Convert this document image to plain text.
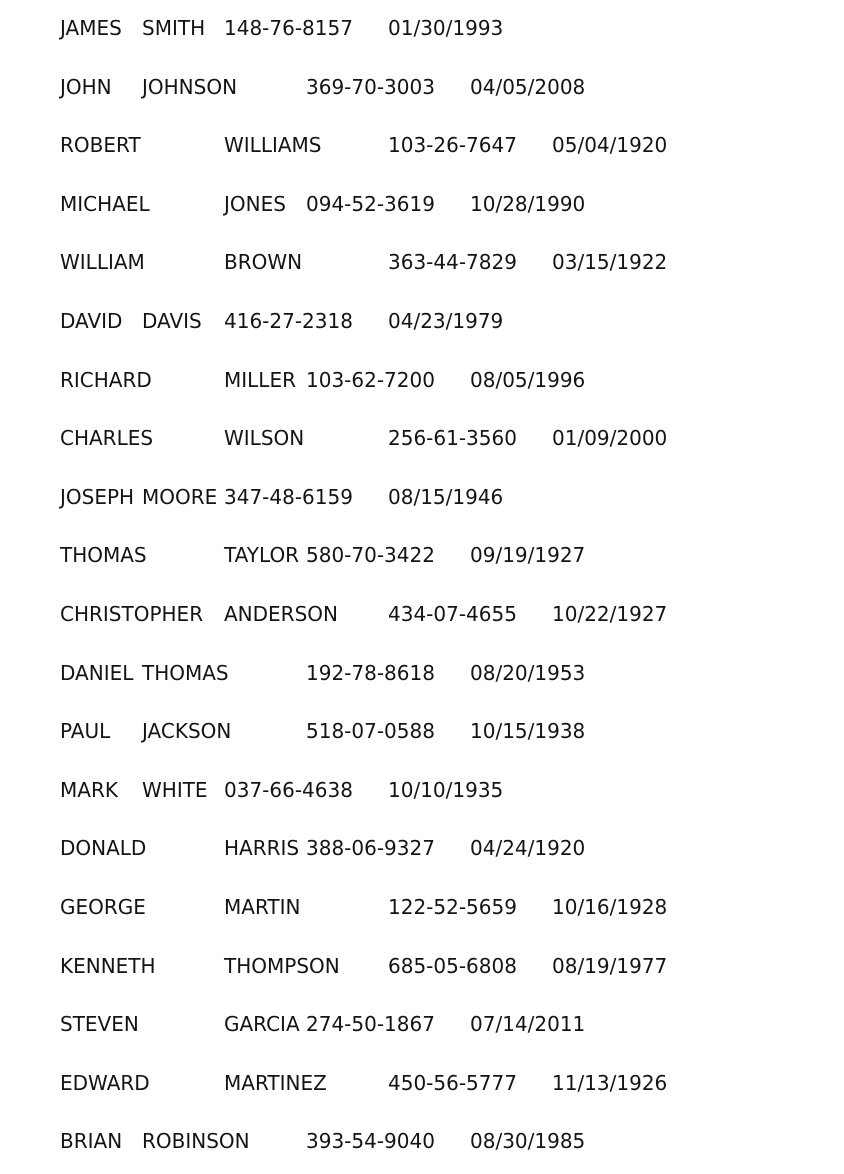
JAMES SMITH 148-76-8157 01/30/1993
JOHN JOHNSON	369-70-3003 04/05/2008
ROBERT	WILLIAMS	103-26-7647 05/04/1920
MICHAEL	JONES 094-52-3619 10/28/1990
WILLIAM	BROWN	363-44-7829 03/15/1922
DAVID DAVIS 416-27-2318 04/23/1979
RICHARD	MILLER 103-62-7200 08/05/1996
CHARLES	WILSON	256-61-3560 01/09/2000
JOSEPH MOORE 347-48-6159 08/15/1946
THOMAS	TAYLOR 580-70-3422 09/19/1927
CHRISTOPHER ANDERSON	434-07-4655 10/22/1927
DANIEL THOMAS	192-78-8618 08/20/1953
PAUL JACKSON	518-07-0588 10/15/1938
MARK WHITE 037-66-4638 10/10/1935
DONALD	HARRIS 388-06-9327 04/24/1920
GEORGE	MARTIN	122-52-5659 10/16/1928
KENNETH	THOMPSON 685-05-6808 08/19/1977
STEVEN	GARCIA 274-50-1867 07/14/2011
EDWARD	MARTINEZ	450-56-5777 11/13/1926
BRIAN ROBINSON	393-54-9040 08/30/1985
